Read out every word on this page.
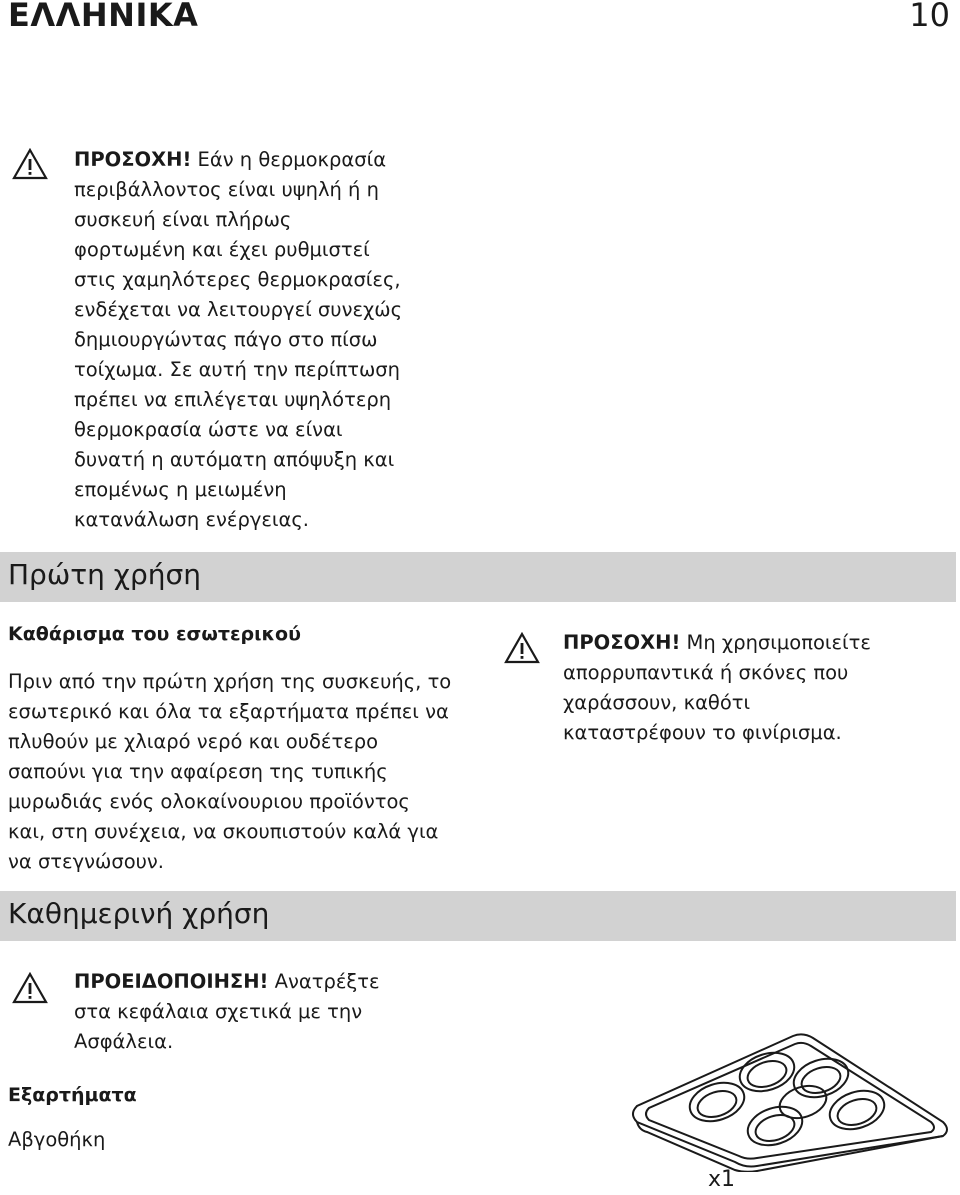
ΕΛΛΗΝΙΚΑ	10
ΠΡΟΣΟΧΗ! Εάν η θερμοκρασία
περιβάλλοντος είναι υψηλή ή η
συσκευή είναι πλήρως
φορτωμένη και έχει ρυθμιστεί
στις χαμηλότερες θερμοκρασίες,
ενδέχεται να λειτουργεί συνεχώς
δημιουργώντας πάγο στο πίσω
τοίχωμα. Σε αυτή την περίπτωση
πρέπει να επιλέγεται υψηλότερη
θερμοκρασία ώστε να είναι
δυνατή η αυτόματη απόψυξη και
επομένως η μειωμένη
κατανάλωση ενέργειας.
Πρώτη χρήση
Καθάρισμα του εσωτερικού
Πριν από την πρώτη χρήση της συσκευής, το
εσωτερικό και όλα τα εξαρτήματα πρέπει να
πλυθούν με χλιαρό νερό και ουδέτερο
σαπούνι για την αφαίρεση της τυπικής
μυρωδιάς ενός ολοκαίνουριου προϊόντος
και, στη συνέχεια, να σκουπιστούν καλά για
να στεγνώσουν.
ΠΡΟΣΟΧΗ! Μη χρησιμοποιείτε
απορρυπαντικά ή σκόνες που
χαράσσουν, καθότι
καταστρέφουν το φινίρισμα.
Καθημερινή χρήση
ΠΡΟΕΙΔΟΠΟΙΗΣΗ! Ανατρέξτε
στα κεφάλαια σχετικά με την
Ασφάλεια.
Εξαρτήματα
Αβγοθήκη
x1
